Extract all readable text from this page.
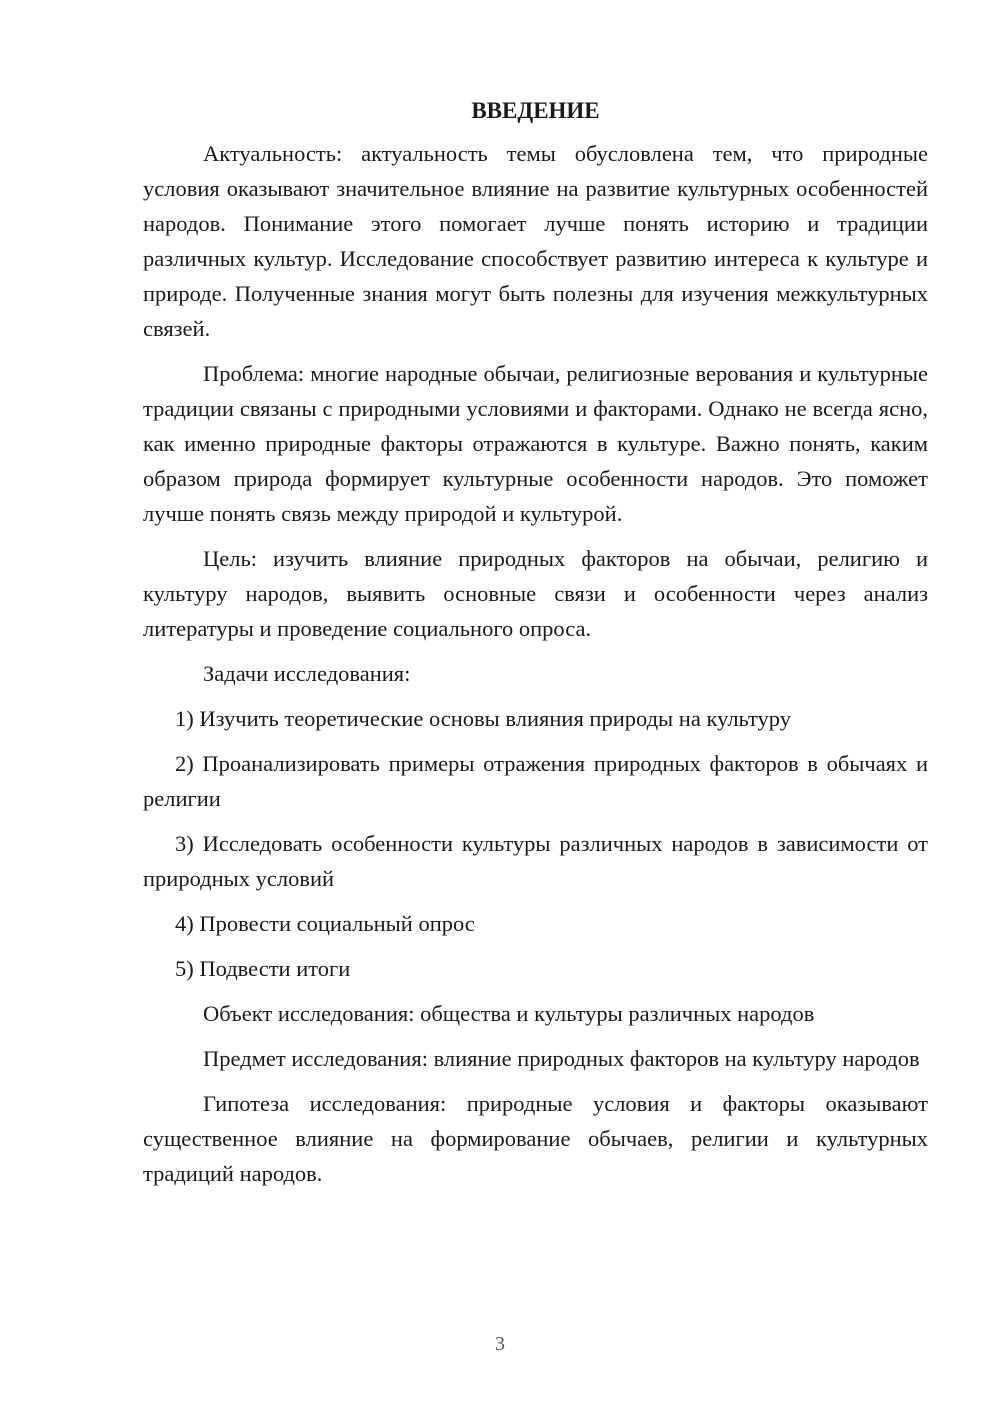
ВВЕДЕНИЕ

Актуальность: актуальность темы обусловлена тем, что природные условия оказывают значительное влияние на развитие культурных особенностей народов. Понимание этого помогает лучше понять историю и традиции различных культур. Исследование способствует развитию интереса к культуре и природе. Полученные знания могут быть полезны для изучения межкультурных связей.

Проблема: многие народные обычаи, религиозные верования и культурные традиции связаны с природными условиями и факторами. Однако не всегда ясно, как именно природные факторы отражаются в культуре. Важно понять, каким образом природа формирует культурные особенности народов. Это поможет лучше понять связь между природой и культурой.

Цель: изучить влияние природных факторов на обычаи, религию и культуру народов, выявить основные связи и особенности через анализ литературы и проведение социального опроса.

Задачи исследования:

1) Изучить теоретические основы влияния природы на культуру

2) Проанализировать примеры отражения природных факторов в обычаях и религии

3) Исследовать особенности культуры различных народов в зависимости от природных условий

4) Провести социальный опрос

5) Подвести итоги

Объект исследования: общества и культуры различных народов

Предмет исследования: влияние природных факторов на культуру народов

Гипотеза исследования: природные условия и факторы оказывают существенное влияние на формирование обычаев, религии и культурных традиций народов.

3
